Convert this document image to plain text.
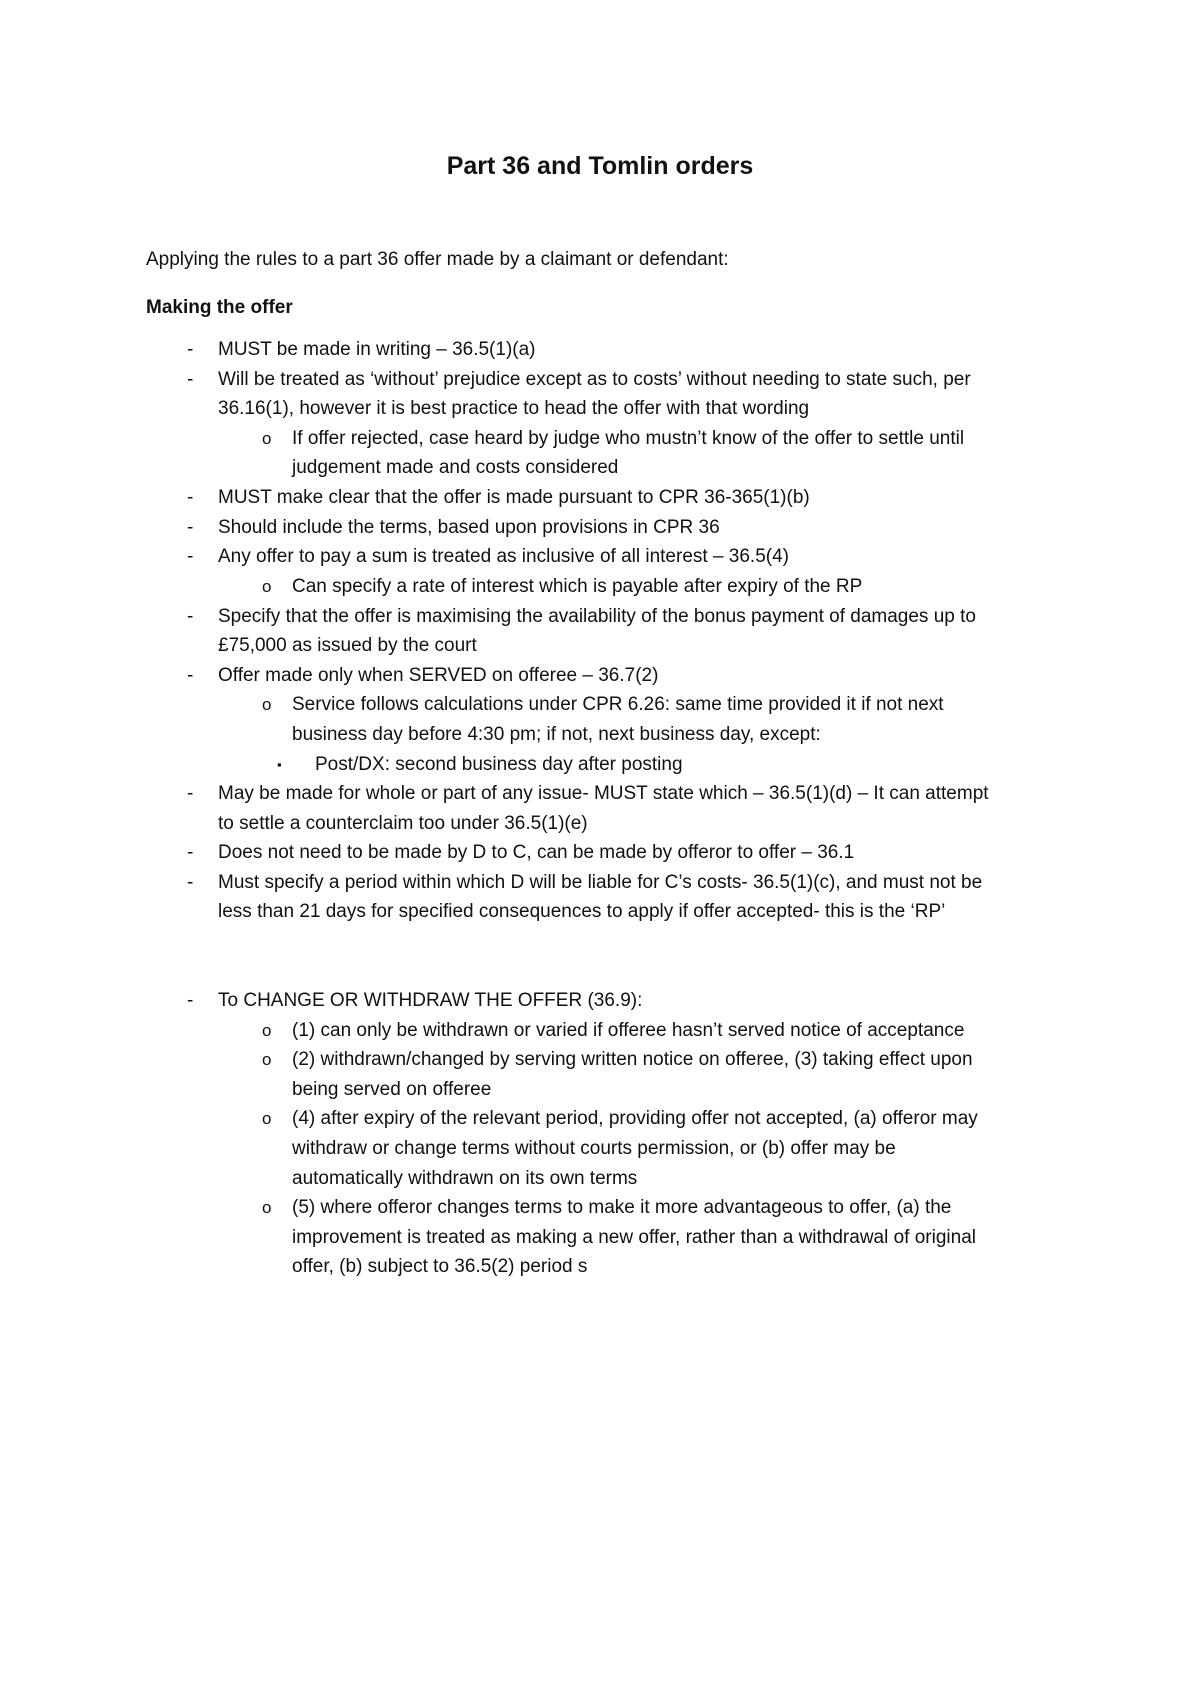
Part 36 and Tomlin orders
Applying the rules to a part 36 offer made by a claimant or defendant:
Making the offer
- MUST be made in writing – 36.5(1)(a)
- Will be treated as ‘without’ prejudice except as to costs’ without needing to state such, per
36.16(1), however it is best practice to head the offer with that wording
o If offer rejected, case heard by judge who mustn’t know of the offer to settle until
judgement made and costs considered
- MUST make clear that the offer is made pursuant to CPR 36-365(1)(b)
- Should include the terms, based upon provisions in CPR 36
- Any offer to pay a sum is treated as inclusive of all interest – 36.5(4)
o Can specify a rate of interest which is payable after expiry of the RP
- Specify that the offer is maximising the availability of the bonus payment of damages up to
£75,000 as issued by the court
- Offer made only when SERVED on offeree – 36.7(2)
o Service follows calculations under CPR 6.26: same time provided it if not next
business day before 4:30 pm; if not, next business day, except:
▪ Post/DX: second business day after posting
- May be made for whole or part of any issue- MUST state which – 36.5(1)(d) – It can attempt
to settle a counterclaim too under 36.5(1)(e)
- Does not need to be made by D to C, can be made by offeror to offer – 36.1
- Must specify a period within which D will be liable for C’s costs- 36.5(1)(c), and must not be
less than 21 days for specified consequences to apply if offer accepted- this is the ‘RP’
- To CHANGE OR WITHDRAW THE OFFER (36.9):
o (1) can only be withdrawn or varied if offeree hasn’t served notice of acceptance
o (2) withdrawn/changed by serving written notice on offeree, (3) taking effect upon
being served on offeree
o (4) after expiry of the relevant period, providing offer not accepted, (a) offeror may
withdraw or change terms without courts permission, or (b) offer may be
automatically withdrawn on its own terms
o (5) where offeror changes terms to make it more advantageous to offer, (a) the
improvement is treated as making a new offer, rather than a withdrawal of original
offer, (b) subject to 36.5(2) period s
